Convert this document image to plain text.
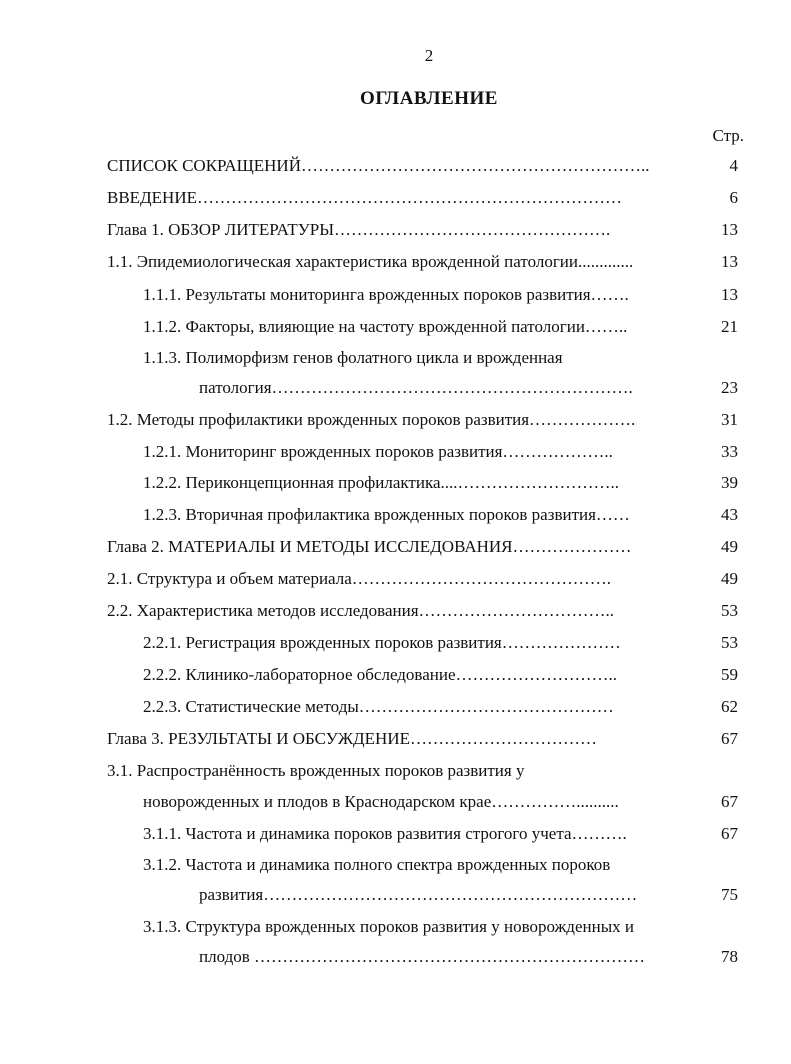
2
ОГЛАВЛЕНИЕ
Стр.
СПИСОК СОКРАЩЕНИЙ……………………………………………………..	4
ВВЕДЕНИЕ…………………………………………………………………	6
Глава 1. ОБЗОР ЛИТЕРАТУРЫ………………………………………….	13
1.1. Эпидемиологическая характеристика врожденной патологии.............	13
1.1.1. Результаты мониторинга врожденных пороков развития…….	13
1.1.2. Факторы, влияющие на частоту врожденной патологии……..	21
1.1.3. Полиморфизм генов фолатного цикла и врожденная
патология……………………………………………………….	23
1.2. Методы профилактики врожденных пороков развития……………….	31
1.2.1. Мониторинг врожденных пороков развития………………..	33
1.2.2. Периконцепционная профилактика....………………………..	39
1.2.3. Вторичная профилактика врожденных пороков развития……	43
Глава 2. МАТЕРИАЛЫ И МЕТОДЫ ИССЛЕДОВАНИЯ…………………	49
2.1. Структура и объем материала……………………………………….	49
2.2. Характеристика методов исследования……………………………..	53
2.2.1. Регистрация врожденных пороков развития…………………	53
2.2.2. Клинико-лабораторное обследование………………………..	59
2.2.3. Статистические методы………………………………………	62
Глава 3. РЕЗУЛЬТАТЫ И ОБСУЖДЕНИЕ……………………………	67
3.1. Распространённость врожденных пороков развития у
новорожденных и плодов в Краснодарском крае……………..........	67
3.1.1. Частота и динамика пороков развития строгого учета……….	67
3.1.2. Частота и динамика полного спектра врожденных пороков
развития…………………………………………………………	75
3.1.3. Структура врожденных пороков развития у новорожденных и
плодов ……………………………………………………………	78
